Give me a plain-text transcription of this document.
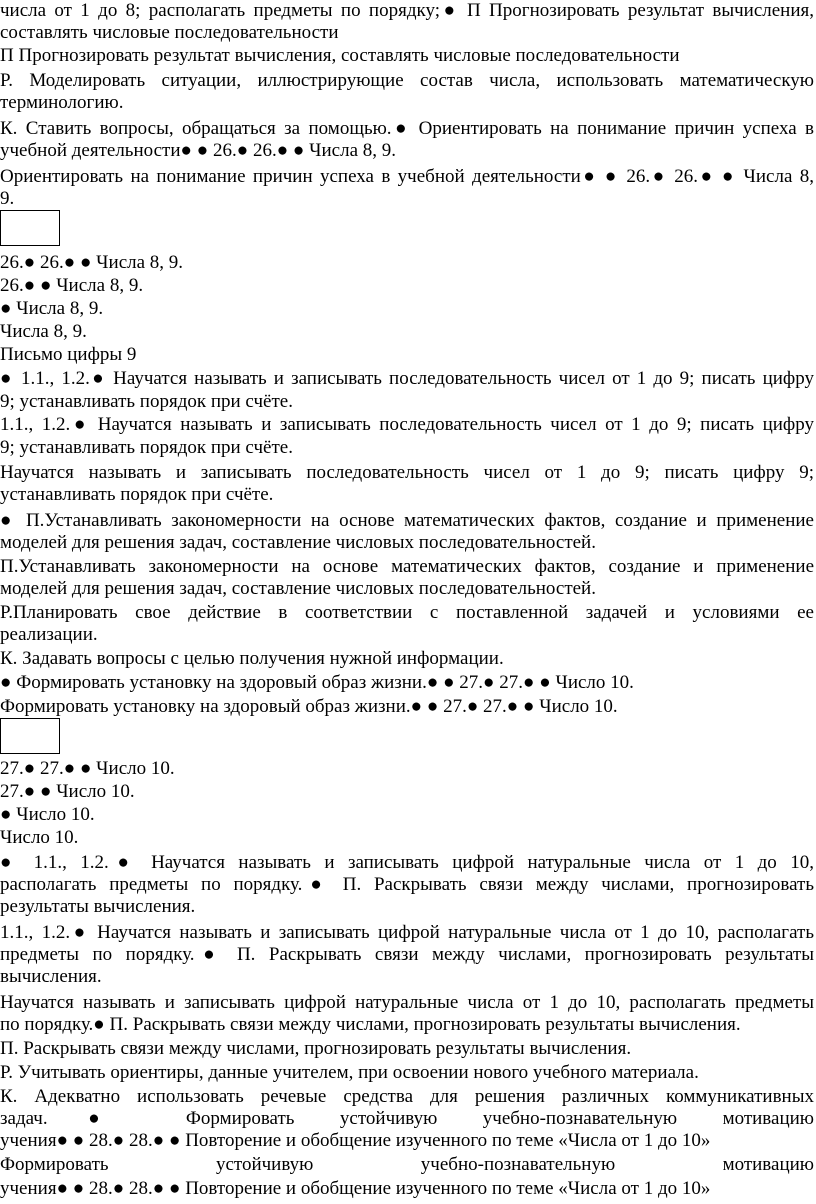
числа от 1 до 8; располагать предметы по порядку;● П Прогнозировать результат вычисления,
составлять числовые последовательности
П Прогнозировать результат вычисления, составлять числовые последовательности
Р. Моделировать ситуации, иллюстрирующие состав числа, использовать математическую
терминологию.
К. Ставить вопросы, обращаться за помощью.● Ориентировать на понимание причин успеха в
учебной деятельности● ● 26.● 26.● ● Числа 8, 9.
Ориентировать на понимание причин успеха в учебной деятельности● ● 26.● 26.● ● Числа 8,
9.
26.● 26.● ● Числа 8, 9.
26.● ● Числа 8, 9.
● Числа 8, 9.
Числа 8, 9.
Письмо цифры 9
● 1.1., 1.2.● Научатся называть и записывать последовательность чисел от 1 до 9; писать цифру
9; устанавливать порядок при счёте.
1.1., 1.2.● Научатся называть и записывать последовательность чисел от 1 до 9; писать цифру
9; устанавливать порядок при счёте.
Научатся называть и записывать последовательность чисел от 1 до 9; писать цифру 9;
устанавливать порядок при счёте.
● П.Устанавливать закономерности на основе математических фактов, создание и применение
моделей для решения задач, составление числовых последовательностей.
П.Устанавливать закономерности на основе математических фактов, создание и применение
моделей для решения задач, составление числовых последовательностей.
Р.Планировать свое действие в соответствии с поставленной задачей и условиями ее
реализации.
К. Задавать вопросы с целью получения нужной информации.
● Формировать установку на здоровый образ жизни.● ● 27.● 27.● ● Число 10.
Формировать установку на здоровый образ жизни.● ● 27.● 27.● ● Число 10.
27.● 27.● ● Число 10.
27.● ● Число 10.
● Число 10.
Число 10.
● 1.1., 1.2.● Научатся называть и записывать цифрой натуральные числа от 1 до 10,
располагать предметы по порядку.● П. Раскрывать связи между числами, прогнозировать
результаты вычисления.
1.1., 1.2.● Научатся называть и записывать цифрой натуральные числа от 1 до 10, располагать
предметы по порядку.● П. Раскрывать связи между числами, прогнозировать результаты
вычисления.
Научатся называть и записывать цифрой натуральные числа от 1 до 10, располагать предметы
по порядку.● П. Раскрывать связи между числами, прогнозировать результаты вычисления.
П. Раскрывать связи между числами, прогнозировать результаты вычисления.
Р. Учитывать ориентиры, данные учителем, при освоении нового учебного материала.
К. Адекватно использовать речевые средства для решения различных коммуникативных
задач.● Формировать устойчивую учебно-познавательную мотивацию
учения● ● 28.● 28.● ● Повторение и обобщение изученного по теме «Числа от 1 до 10»
Формировать устойчивую учебно-познавательную мотивацию
учения● ● 28.● 28.● ● Повторение и обобщение изученного по теме «Числа от 1 до 10»
